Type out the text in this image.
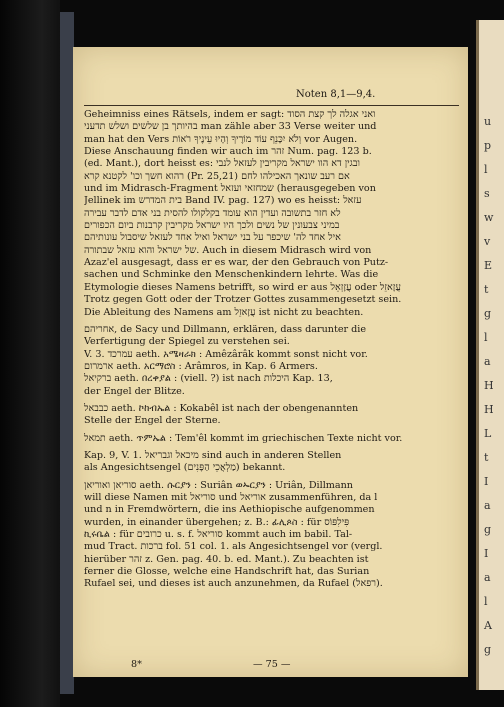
u
p
l
s
w
v
E
t
g
l
a
H
H
L
t
I
a
g
I
a
l
A
g
Noten 8,1—9,4.
Geheimniss eines Rätsels, indem er sagt: ואני אגלה לך קצת הסוד
בהיותך בן שלשים ושלש תדעני man zähle aber 33 Verse weiter und
man hat den Vers וְלֹא יִכָּנֵף עוֹד מוֹרֶיךָ וְהָיוּ עֵינֶיךָ רֹאוֹת vor Augen.
Diese Anschauung finden wir auch im זהר Num. pag. 123 b.
(ed. Mant.), dort heisst es: ובגין דא הוו ישראל מקריבין לעזאל לנבי
רהוא חשך וכו' לקטנא קרא (Pr. 25,21) אם רעב שונאך האכילהו לחם
und im Midrasch-Fragment שמחזאי ועזאל (herausgegeben von
Jellinek im בית המדרש Band IV. pag. 127) wo es heisst: עזאל
לא חזר בתשובה ועדין הוא עומד בקלקולו להסית בני אדם לדבר עבירה
במיני צבעונין של נשים ולכך היו ישראל מקריבין קרבנות ביום הכפורים
איל אחד לה' שיכפר על בני ישראל ואיל אחד לעזאל שיסבול עונותיהם
של ישראל והוא עזאל שבתורה. Auch in diesem Midrasch wird von
Azaz'el ausgesagt, dass er es war, der den Gebrauch von Putz-
sachen und Schminke den Menschenkindern lehrte. Was die
Etymologie dieses Namens betrifft, so wird er aus עֲזָזְאֵל oder עֲזָאזֵל
Trotz gegen Gott oder der Trotzer Gottes zusammengesetzt sein.
Die Ableitung des Namens am עֲזָאזֵל ist nicht zu beachten.
אחריהם, de Sacy und Dillmann, erklären, dass darunter die
Verfertigung der Spiegel zu verstehen sei.
V. 3. עמרכד aeth. አሜዛራክ : Amêzârâk kommt sonst nicht vor.
ארמרום aeth. አርማሮስ : Arâmros, in Kap. 6 Armers.
ברקיאל aeth. በረቀያል : (viell. ?) ist nach היכלות Kap. 13,
der Engel der Blitze.
כבבאל aeth. ኮከብኤል : Kokabêl ist nach der obengenannten
Stelle der Engel der Sterne.
תמאל aeth. ጥምኤል : Tem'êl kommt im griechischen Texte nicht vor.
Kap. 9, V. 1. מיכאל וגבריאל sind auch in anderen Stellen
als Angesichtsengel (מַלְאֲכֵי הַפָּנִים) bekannt.
סוריאן ואוריאן aeth. ሱርያን : Suriân ወኡርያን : Uriân, Dillmann
will diese Namen mit סוריאל und אוריאל zusammenführen, da l
und n in Fremdwörtern, die ins Aethiopische aufgenommen
wurden, in einander übergehen; z. B.: ፊሊጶስ : für פִּילִפּוֹס
ኪሩቤል : für כרובים u. s. f. סוריאל kommt auch im babil. Tal-
mud Tract. ברכות fol. 51 col. 1. als Angesichtsengel vor (vergl.
hierüber זהר z. Gen. pag. 40. b. ed. Mant.). Zu beachten ist
ferner die Glosse, welche eine Handschrift hat, das Surian
Rufael sei, und dieses ist auch anzunehmen, da Rufael (רפאל).
8*	— 75 —
